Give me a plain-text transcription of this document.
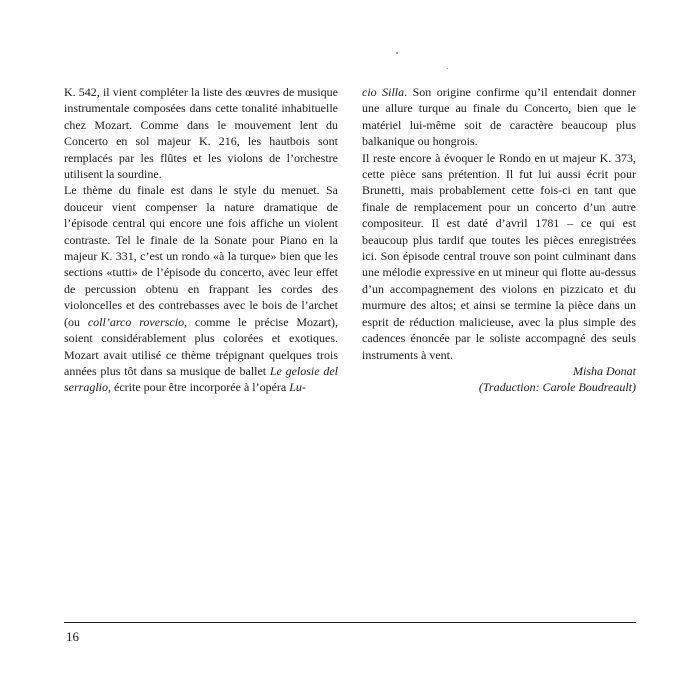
K. 542, il vient compléter la liste des œuvres de musique instrumentale composées dans cette tonalité inhabituelle chez Mozart. Comme dans le mouvement lent du Concerto en sol majeur K. 216, les hautbois sont remplacés par les flûtes et les violons de l’orchestre utilisent la sourdine.

Le thème du finale est dans le style du menuet. Sa douceur vient compenser la nature dramatique de l’épisode central qui encore une fois affiche un violent contraste. Tel le finale de la Sonate pour Piano en la majeur K. 331, c’est un rondo «à la turque» bien que les sections «tutti» de l’épisode du concerto, avec leur effet de percussion obtenu en frappant les cordes des violoncelles et des contrebasses avec le bois de l’archet (ou coll’arco roverscio, comme le précise Mozart), soient considérablement plus colorées et exotiques. Mozart avait utilisé ce thème trépignant quelques trois années plus tôt dans sa musique de ballet Le gelosie del serraglio, écrite pour être incorporée à l’opéra Lu-

cio Silla. Son origine confirme qu’il entendait donner une allure turque au finale du Concerto, bien que le matériel lui-même soit de caractère beaucoup plus balkanique ou hongrois.

Il reste encore à évoquer le Rondo en ut majeur K. 373, cette pièce sans prétention. Il fut lui aussi écrit pour Brunetti, mais probablement cette fois-ci en tant que finale de remplacement pour un concerto d’un autre compositeur. Il est daté d’avril 1781 – ce qui est beaucoup plus tardif que toutes les pièces enregistrées ici. Son épisode central trouve son point culminant dans une mélodie expressive en ut mineur qui flotte au-dessus d’un accompagnement des violons en pizzicato et du murmure des altos; et ainsi se termine la pièce dans un esprit de réduction malicieuse, avec la plus simple des cadences énoncée par le soliste accompagné des seuls instruments à vent.

Misha Donat

(Traduction: Carole Boudreault)

16
